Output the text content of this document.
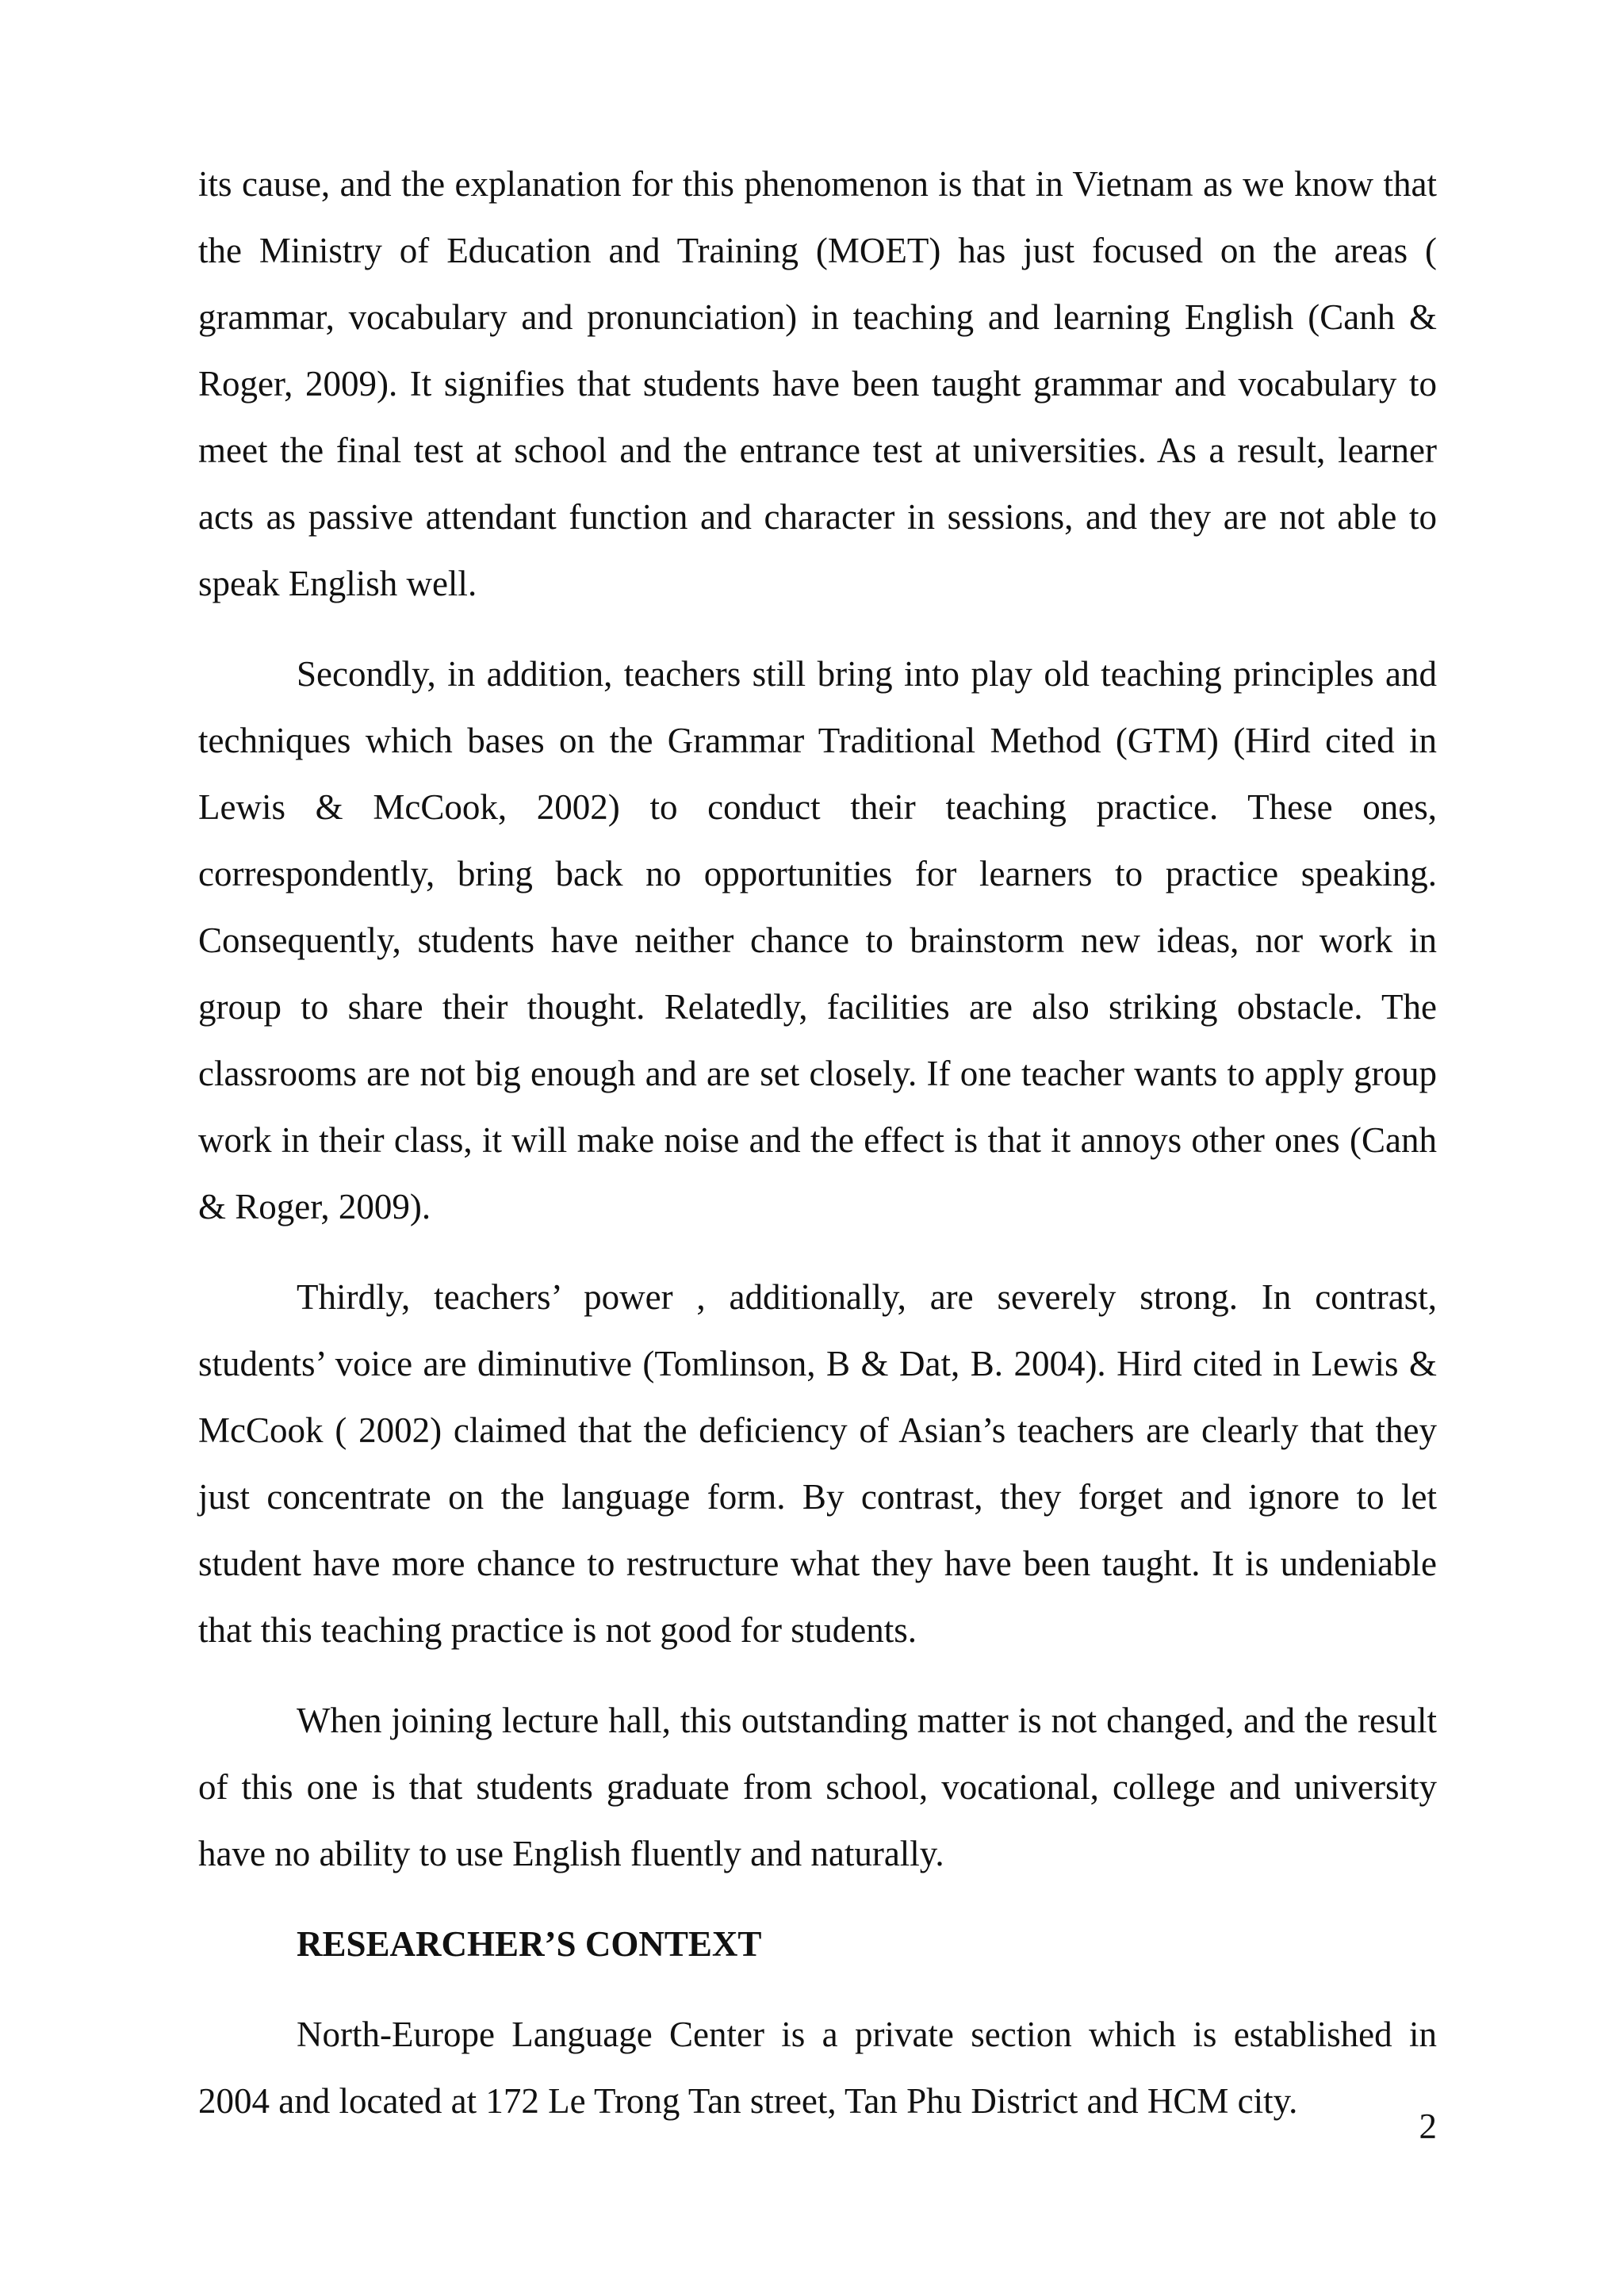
its cause, and the explanation for this phenomenon is that in Vietnam as we know that the Ministry of Education and Training (MOET) has just focused on the areas ( grammar, vocabulary and pronunciation) in teaching and learning English (Canh & Roger, 2009). It signifies that students have been taught grammar and vocabulary to meet the final test at school and the entrance test at universities. As a result, learner acts as passive attendant function and character in sessions, and they are not able to speak English well.

Secondly, in addition, teachers still bring into play old teaching principles and techniques which bases on the Grammar Traditional Method (GTM) (Hird cited in Lewis & McCook, 2002) to conduct their teaching practice. These ones, correspondently, bring back no opportunities for learners to practice speaking. Consequently, students have neither chance to brainstorm new ideas, nor work in group to share their thought. Relatedly, facilities are also striking obstacle. The classrooms are not big enough and are set closely. If one teacher wants to apply group work in their class, it will make noise and the effect is that it annoys other ones (Canh & Roger, 2009).

Thirdly, teachers’ power , additionally, are severely strong. In contrast, students’ voice are diminutive (Tomlinson, B & Dat, B. 2004). Hird cited in Lewis & McCook ( 2002) claimed that the deficiency of Asian’s teachers are clearly that they just concentrate on the language form. By contrast, they forget and ignore to let student have more chance to restructure what they have been taught. It is undeniable that this teaching practice is not good for students.

When joining lecture hall, this outstanding matter is not changed, and the result of this one is that students graduate from school, vocational, college and university have no ability to use English fluently and naturally.

RESEARCHER’S CONTEXT

North-Europe Language Center is a private section which is established in 2004 and located at 172 Le Trong Tan street, Tan Phu District and HCM city.

2
